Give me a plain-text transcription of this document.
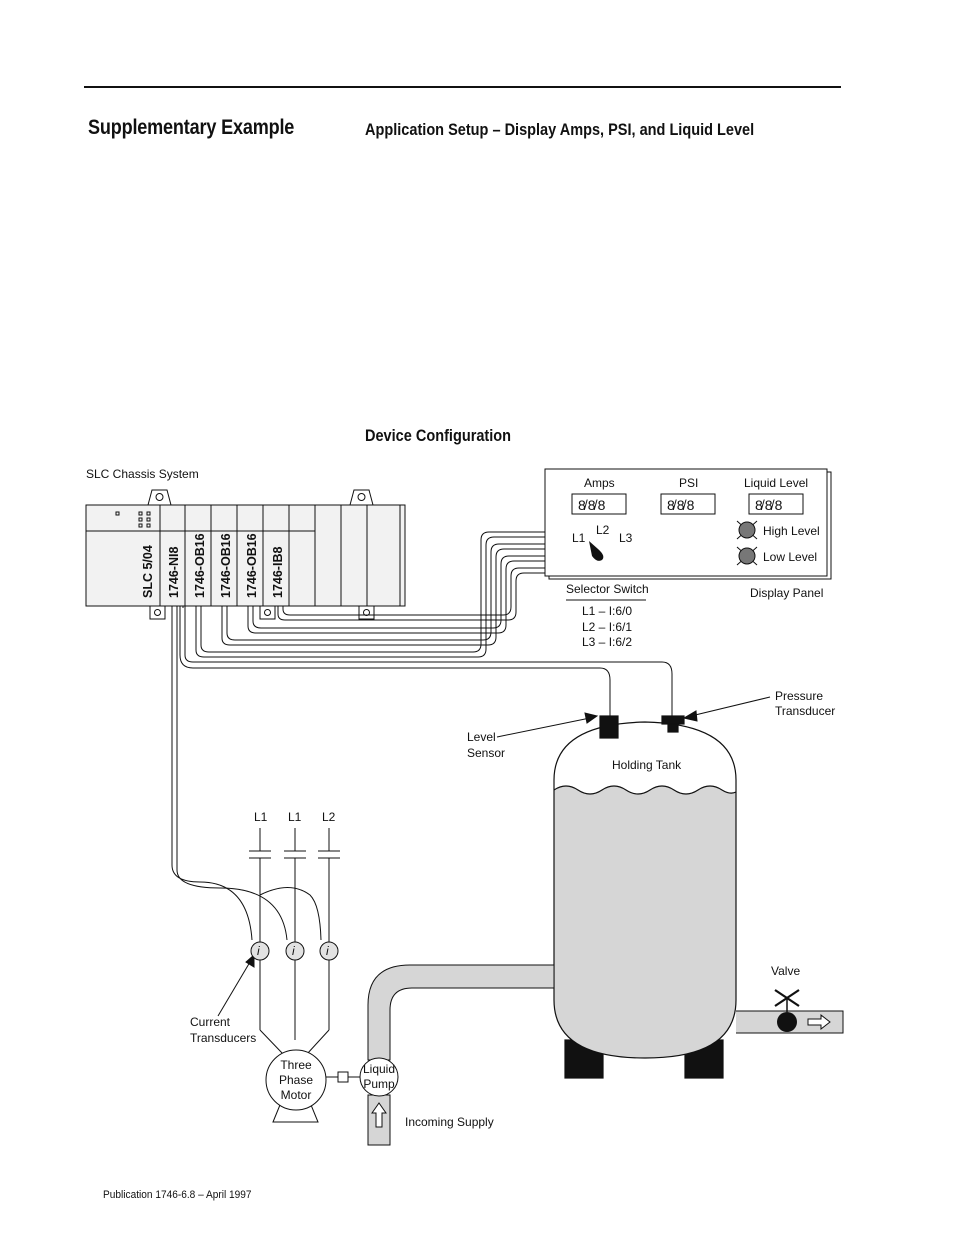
Supplementary Example	Application Setup – Display Amps, PSI, and Liquid Level
Device Configuration
SLC Chassis System
SLC 5/04 1746-NI8 1746-OB16 1746-OB16 1746-OB16 1746-IB8
8̸8̸8	8̸8̸8	8̸8̸8
Amps	PSI	Liquid Level
High Level
Low Level
L1
L2
L3
Display Panel
Selector Switch
L1 – I:6/0
L2 – I:6/1
L3 – I:6/2
Holding Tank
Level Sensor
Pressure Transducer
Valve
L1 L1 L2
i	i	i
Current Transducers
Three Phase Motor
Liquid Pump
Incoming Supply
Publication 1746-6.8 – April 1997
